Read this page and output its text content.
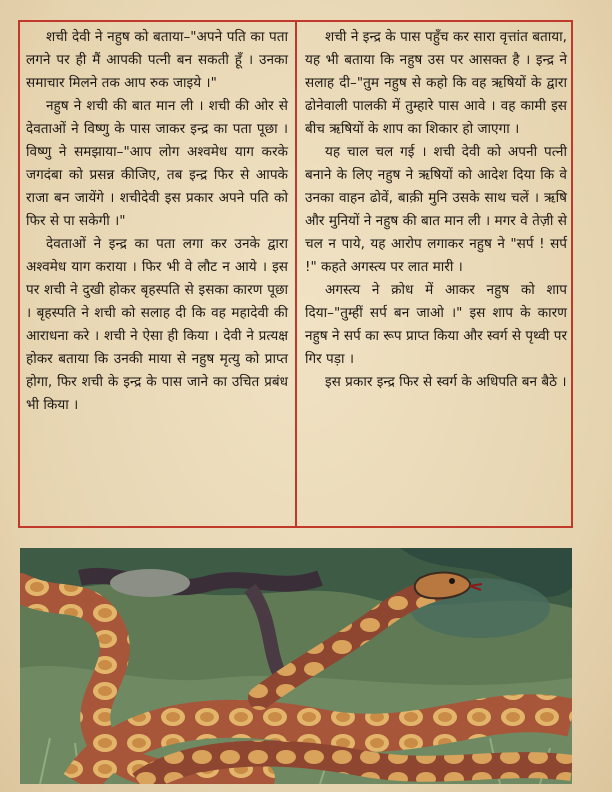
शची देवी ने नहुष को बताया–"अपने पति का पता लगने पर ही मैं आपकी पत्नी बन सकती हूँ । उनका समाचार मिलने तक आप रुक जाइये ।"

नहुष ने शची की बात मान ली । शची की ओर से देवताओं ने विष्णु के पास जाकर इन्द्र का पता पूछा । विष्णु ने समझाया–"आप लोग अश्वमेध याग करके जगदंबा को प्रसन्न कीजिए, तब इन्द्र फिर से आपके राजा बन जायेंगे । शचीदेवी इस प्रकार अपने पति को फिर से पा सकेगी ।"

देवताओं ने इन्द्र का पता लगा कर उनके द्वारा अश्वमेध याग कराया । फिर भी वे लौट न आये । इस पर शची ने दुखी होकर बृहस्पति से इसका कारण पूछा । बृहस्पति ने शची को सलाह दी कि वह महादेवी की आराधना करे । शची ने ऐसा ही किया । देवी ने प्रत्यक्ष होकर बताया कि उनकी माया से नहुष मृत्यु को प्राप्त होगा, फिर शची के इन्द्र के पास जाने का उचित प्रबंध भी किया ।

शची ने इन्द्र के पास पहुँच कर सारा वृत्तांत बताया, यह भी बताया कि नहुष उस पर आसक्त है । इन्द्र ने सलाह दी–"तुम नहुष से कहो कि वह ऋषियों के द्वारा ढोनेवाली पालकी में तुम्हारे पास आवे । वह कामी इस बीच ऋषियों के शाप का शिकार हो जाएगा ।

यह चाल चल गई । शची देवी को अपनी पत्नी बनाने के लिए नहुष ने ऋषियों को आदेश दिया कि वे उनका वाहन ढोवें, बाक़ी मुनि उसके साथ चलें । ऋषि और मुनियों ने नहुष की बात मान ली । मगर वे तेज़ी से चल न पाये, यह आरोप लगाकर नहुष ने "सर्प ! सर्प !" कहते अगस्त्य पर लात मारी ।

अगस्त्य ने क्रोध में आकर नहुष को शाप दिया–"तुम्हीं सर्प बन जाओ ।" इस शाप के कारण नहुष ने सर्प का रूप प्राप्त किया और स्वर्ग से पृथ्वी पर गिर पड़ा ।

इस प्रकार इन्द्र फिर से स्वर्ग के अधिपति बन बैठे ।
